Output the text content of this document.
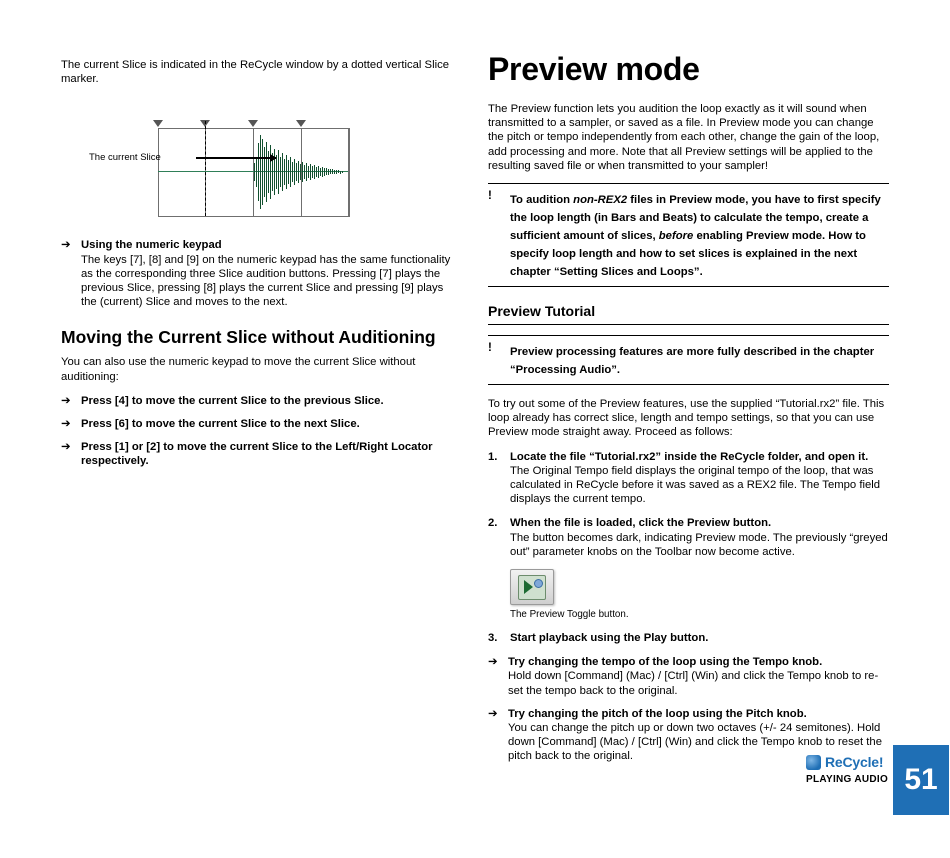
The current Slice is indicated in the ReCycle window by a dotted vertical Slice marker.

The current Slice
➔ Using the numeric keypad
The keys [7], [8] and [9] on the numeric keypad has the same functionality as the corresponding three Slice audition buttons. Pressing [7] plays the previous Slice, pressing [8] plays the current Slice and pressing [9] plays the (current) Slice and moves to the next.
Moving the Current Slice without Auditioning

You can also use the numeric keypad to move the current Slice without auditioning:

➔ Press [4] to move the current Slice to the previous Slice.
➔ Press [6] to move the current Slice to the next Slice.
➔ Press [1] or [2] to move the current Slice to the Left/Right Locator respectively.
Preview mode

The Preview function lets you audition the loop exactly as it will sound when transmitted to a sampler, or saved as a file. In Preview mode you can change the pitch or tempo independently from each other, change the gain of the loop, add processing and more. Note that all Preview settings will be applied to the resulting saved file or when transmitted to your sampler!

! To audition non-REX2 files in Preview mode, you have to first specify the loop length (in Bars and Beats) to calculate the tempo, create a sufficient amount of slices, before enabling Preview mode. How to specify loop length and how to set slices is explained in the next chapter “Setting Slices and Loops”.
Preview Tutorial
! Preview processing features are more fully described in the chapter “Processing Audio”.

To try out some of the Preview features, use the supplied “Tutorial.rx2” file. This loop already has correct slice, length and tempo settings, so that you can use Preview mode straight away. Proceed as follows:

1. Locate the file “Tutorial.rx2” inside the ReCycle folder, and open it.
The Original Tempo field displays the original tempo of the loop, that was calculated in ReCycle before it was saved as a REX2 file. The Tempo field displays the current tempo.
2. When the file is loaded, click the Preview button.
The button becomes dark, indicating Preview mode. The previously “greyed out” parameter knobs on the Toolbar now become active.
The Preview Toggle button.
3. Start playback using the Play button.
➔ Try changing the tempo of the loop using the Tempo knob.
Hold down [Command] (Mac) / [Ctrl] (Win) and click the Tempo knob to re-set the tempo back to the original.
➔ Try changing the pitch of the loop using the Pitch knob.
You can change the pitch up or down two octaves (+/- 24 semitones). Hold down [Command] (Mac) / [Ctrl] (Win) and click the Tempo knob to reset the pitch back to the original.
51
ReCycle!
PLAYING AUDIO
